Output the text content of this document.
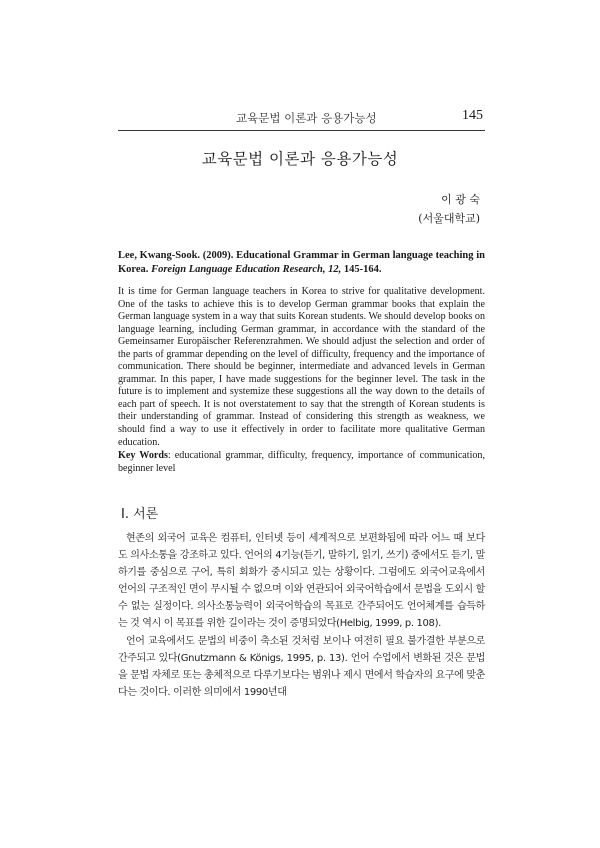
교육문법 이론과 응용가능성	145
교육문법 이론과 응용가능성
이 광 숙
(서울대학교)
Lee, Kwang-Sook. (2009). Educational Grammar in German language teaching in Korea. Foreign Language Education Research, 12, 145-164.

It is time for German language teachers in Korea to strive for qualitative development. One of the tasks to achieve this is to develop German grammar books that explain the German language system in a way that suits Korean students. We should develop books on language learning, including German grammar, in accordance with the standard of the Gemeinsamer Europäischer Referenzrahmen. We should adjust the selection and order of the parts of grammar depending on the level of difficulty, frequency and the importance of communication. There should be beginner, intermediate and advanced levels in German grammar. In this paper, I have made suggestions for the beginner level. The task in the future is to implement and systemize these suggestions all the way down to the details of each part of speech. It is not overstatement to say that the strength of Korean students is their understanding of grammar. Instead of considering this strength as weakness, we should find a way to use it effectively in order to facilitate more qualitative German education.

Key Words: educational grammar, difficulty, frequency, importance of communication, beginner level
Ⅰ. 서론
현존의 외국어 교육은 컴퓨터, 인터넷 등이 세계적으로 보편화됨에 따라 어느 때 보다도 의사소통을 강조하고 있다. 언어의 4기능(듣기, 말하기, 읽기, 쓰기) 중에서도 듣기, 말하기를 중심으로 구어, 특히 회화가 중시되고 있는 상황이다. 그럼에도 외국어교육에서 언어의 구조적인 면이 무시될 수 없으며 이와 연관되어 외국어학습에서 문법을 도외시 할 수 없는 실정이다. 의사소통능력이 외국어학습의 목표로 간주되어도 언어체계를 습득하는 것 역시 이 목표를 위한 길이라는 것이 증명되었다(Helbig, 1999, p. 108).
언어 교육에서도 문법의 비중이 축소된 것처럼 보이나 여전히 필요 불가결한 부분으로 간주되고 있다(Gnutzmann & Königs, 1995, p. 13). 언어 수업에서 변화된 것은 문법을 문법 자체로 또는 총체적으로 다루기보다는 범위나 제시 면에서 학습자의 요구에 맞춘다는 것이다. 이러한 의미에서 1990년대
